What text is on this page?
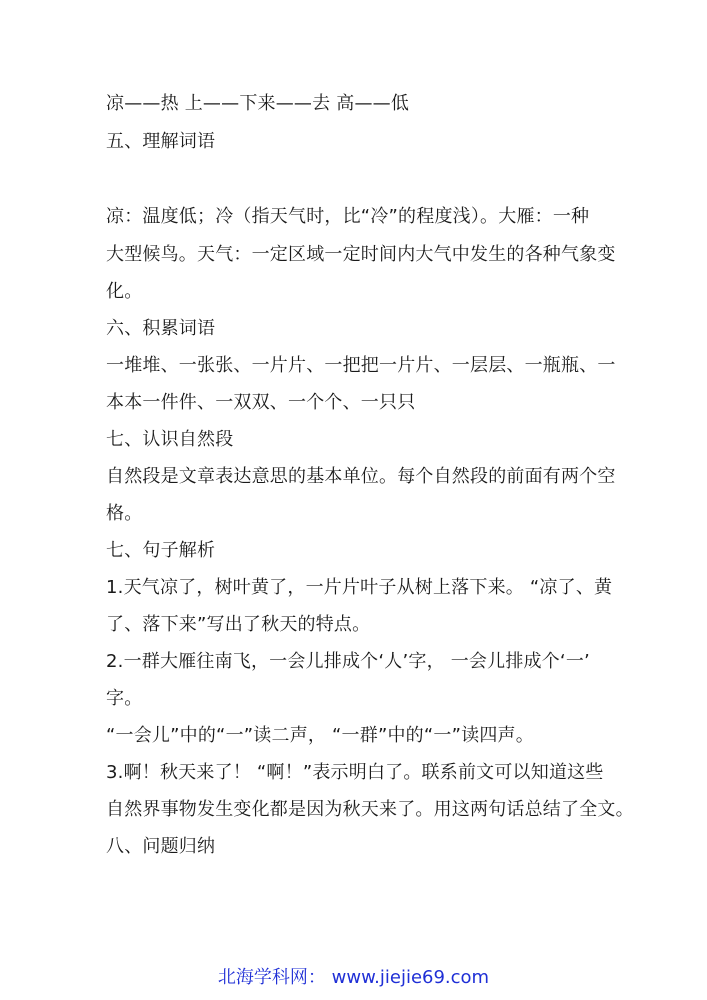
凉——热 上——下来——去 高——低
五、理解词语
凉：温度低；冷（指天气时，比“冷”的程度浅）。大雁：一种
大型候鸟。天气：一定区域一定时间内大气中发生的各种气象变
化。
六、积累词语
一堆堆、一张张、一片片、一把把一片片、一层层、一瓶瓶、一
本本一件件、一双双、一个个、一只只
七、认识自然段
自然段是文章表达意思的基本单位。每个自然段的前面有两个空
格。
七、句子解析
1.天气凉了，树叶黄了，一片片叶子从树上落下来。 “凉了、黄
了、落下来”写出了秋天的特点。
2.一群大雁往南飞，一会儿排成个‘人’字， 一会儿排成个‘一’
字。
“一会儿”中的“一”读二声， “一群”中的“一”读四声。
3.啊！秋天来了！ “啊！”表示明白了。联系前文可以知道这些
自然界事物发生变化都是因为秋天来了。用这两句话总结了全文。
八、问题归纳
北海学科网： www.jiejie69.com
